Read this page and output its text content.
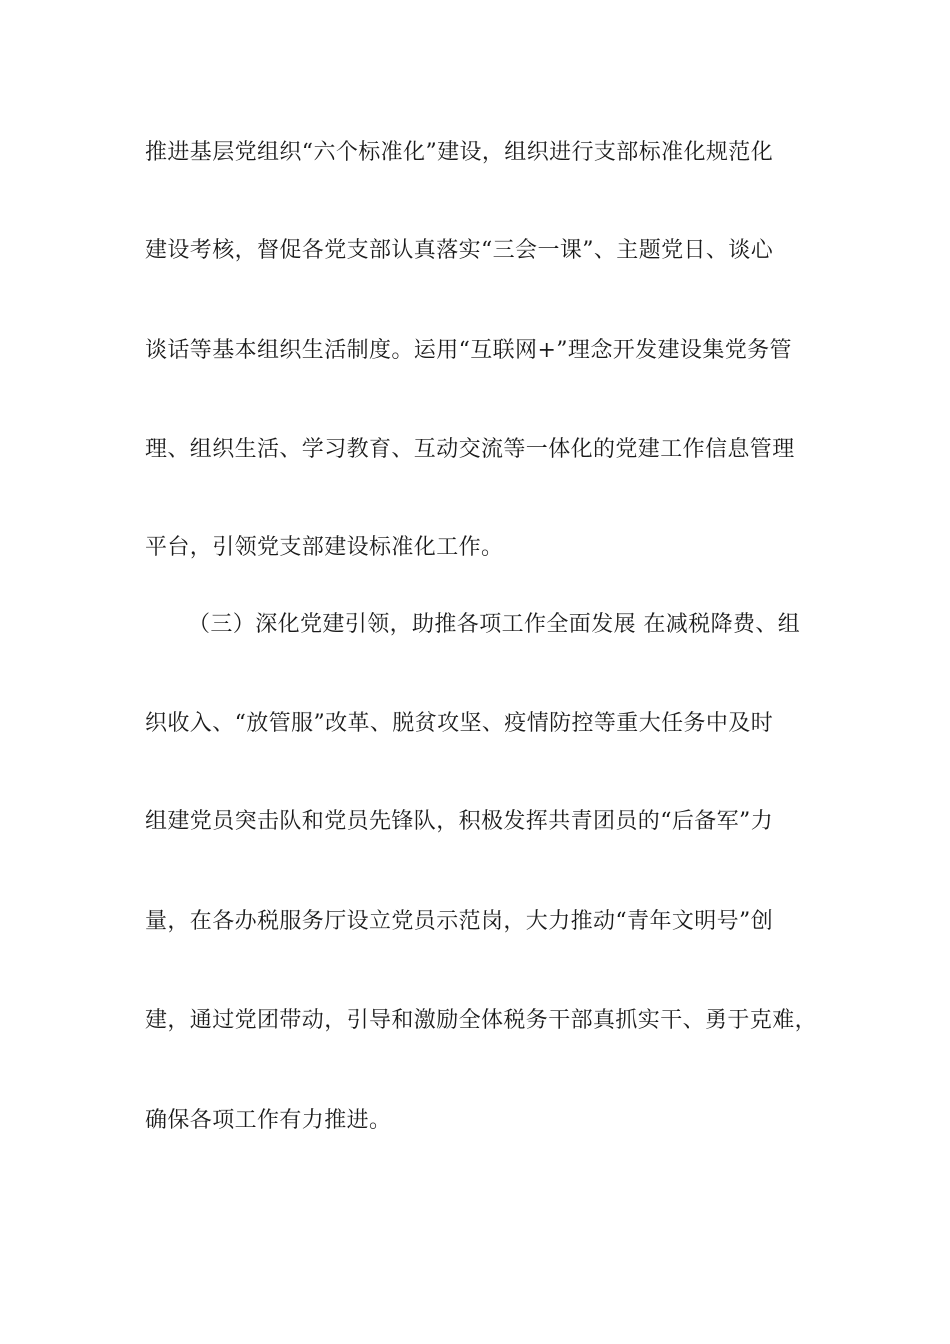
推进基层党组织“六个标准化”建设，组织进行支部标准化规范化
建设考核，督促各党支部认真落实“三会一课”、主题党日、谈心
谈话等基本组织生活制度。运用“互联网+”理念开发建设集党务管
理、组织生活、学习教育、互动交流等一体化的党建工作信息管理
平台，引领党支部建设标准化工作。
（三）深化党建引领，助推各项工作全面发展 在减税降费、组
织收入、“放管服”改革、脱贫攻坚、疫情防控等重大任务中及时
组建党员突击队和党员先锋队，积极发挥共青团员的“后备军”力
量，在各办税服务厅设立党员示范岗，大力推动“青年文明号”创
建，通过党团带动，引导和激励全体税务干部真抓实干、勇于克难，
确保各项工作有力推进。
